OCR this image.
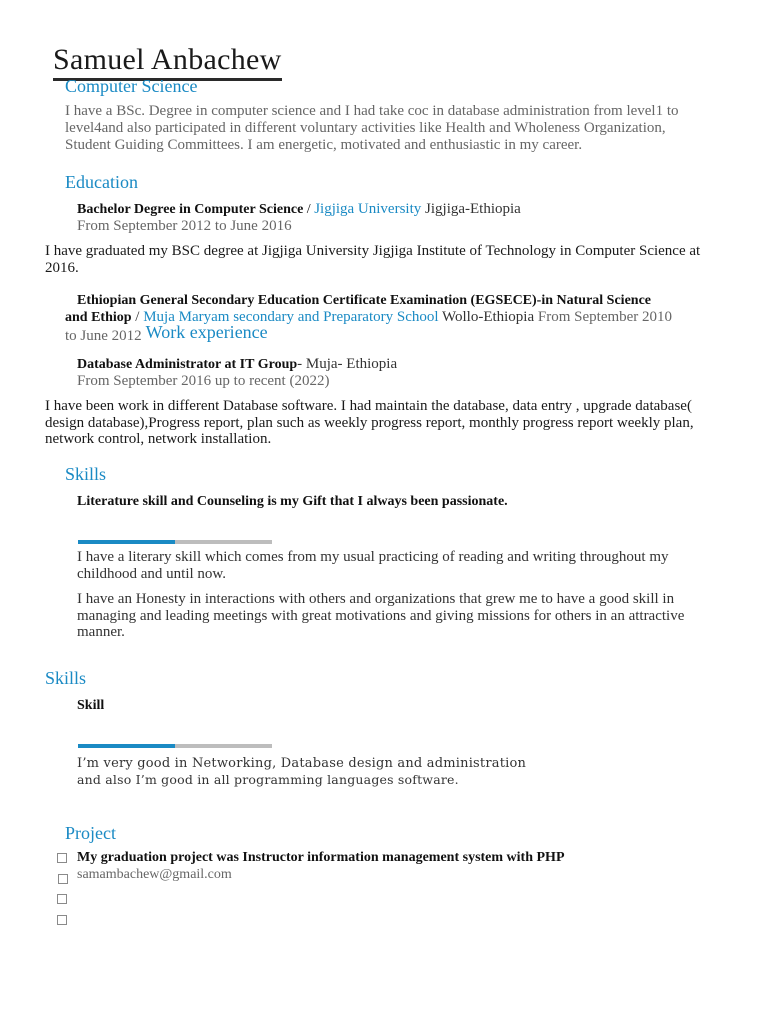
Samuel Anbachew
Computer Science
I have a BSc. Degree in computer science and I had take coc in database administration from level1 to level4and also participated in different voluntary activities like Health and Wholeness Organization, Student Guiding Committees. I am energetic, motivated and enthusiastic in my career.
Education
Bachelor Degree in Computer Science / Jigjiga University Jigjiga-Ethiopia
From September 2012 to June 2016
I have graduated my BSC degree at Jigjiga University Jigjiga Institute of Technology in Computer Science at 2016.
Ethiopian General Secondary Education Certificate Examination (EGSECE)-in Natural Science
and Ethiop / Muja Maryam secondary and Preparatory School Wollo-Ethiopia From September 2010
to June 2012 Work experience
Database Administrator at IT Group- Muja- Ethiopia
From September 2016 up to recent (2022)
I have been work in different Database software. I had maintain the database, data entry , upgrade database( design database),Progress report, plan such as weekly progress report, monthly progress report weekly plan, network control, network installation.
Skills
Literature skill and Counseling is my Gift that I always been passionate.
I have a literary skill which comes from my usual practicing of reading and writing throughout my childhood and until now.
I have an Honesty in interactions with others and organizations that grew me to have a good skill in managing and leading meetings with great motivations and giving missions for others in an attractive manner.
Skills
Skill
I’m very good in Networking, Database design and administration
and also I’m good in all programming languages software.
Project
My graduation project was Instructor information management system with PHP
samambachew@gmail.com
